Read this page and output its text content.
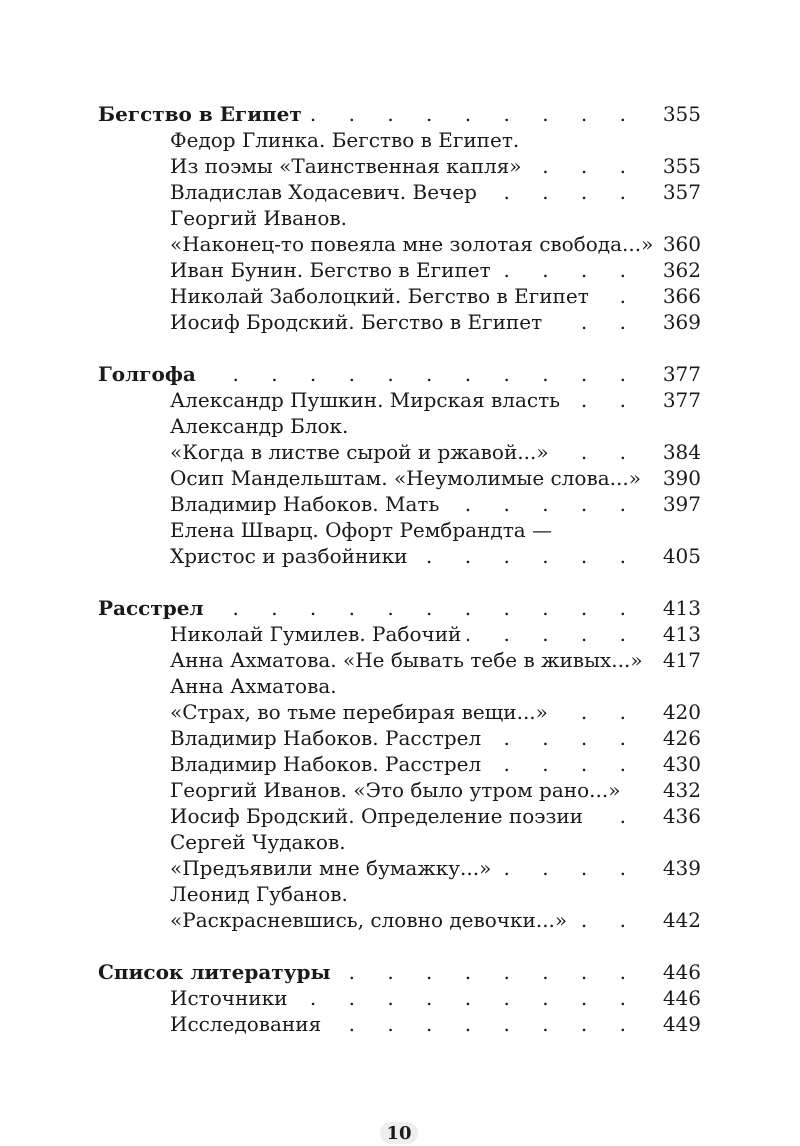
. . .
Бегство в Египет	355
Федор Глинка. Бегство в Египет.
. . .
Из поэмы «Таинственная капля»	355
. . .
Владислав Ходасевич. Вечер	357
Георгий Иванов.
. . .
«Наконец-то повеяла мне золотая свобода...» 360
. . .
Иван Бунин. Бегство в Египет	362
. . .
Николай Заболоцкий. Бегство в Египет	366
. . .
Иосиф Бродский. Бегство в Египет	369
. . .
Голгофа	377
. . .
Александр Пушкин. Мирская власть	377
Александр Блок.
. . .
«Когда в листве сырой и ржавой...»	384
. . .
Осип Мандельштам. «Неумолимые слова...»	390
. . .
Владимир Набоков. Мать	397
Елена Шварц. Офорт Рембрандта —
. . .
Христос и разбойники	405
. . .
Расстрел	413
. . .
Николай Гумилев. Рабочий	413
. . .
Анна Ахматова. «Не бывать тебе в живых...»	417
Анна Ахматова.
. . .
«Страх, во тьме перебирая вещи...»	420
. . .
Владимир Набоков. Расстрел	426
. . .
Владимир Набоков. Расстрел	430
. . .
Георгий Иванов. «Это было утром рано...»	432
. . .
Иосиф Бродский. Определение поэзии	436
Сергей Чудаков.
. . .
«Предъявили мне бумажку...»	439
Леонид Губанов.
. . .
«Раскрасневшись, словно девочки...»	442
. . .
Список литературы	446
. . .
Источники	446
. . .
Исследования	449
10
